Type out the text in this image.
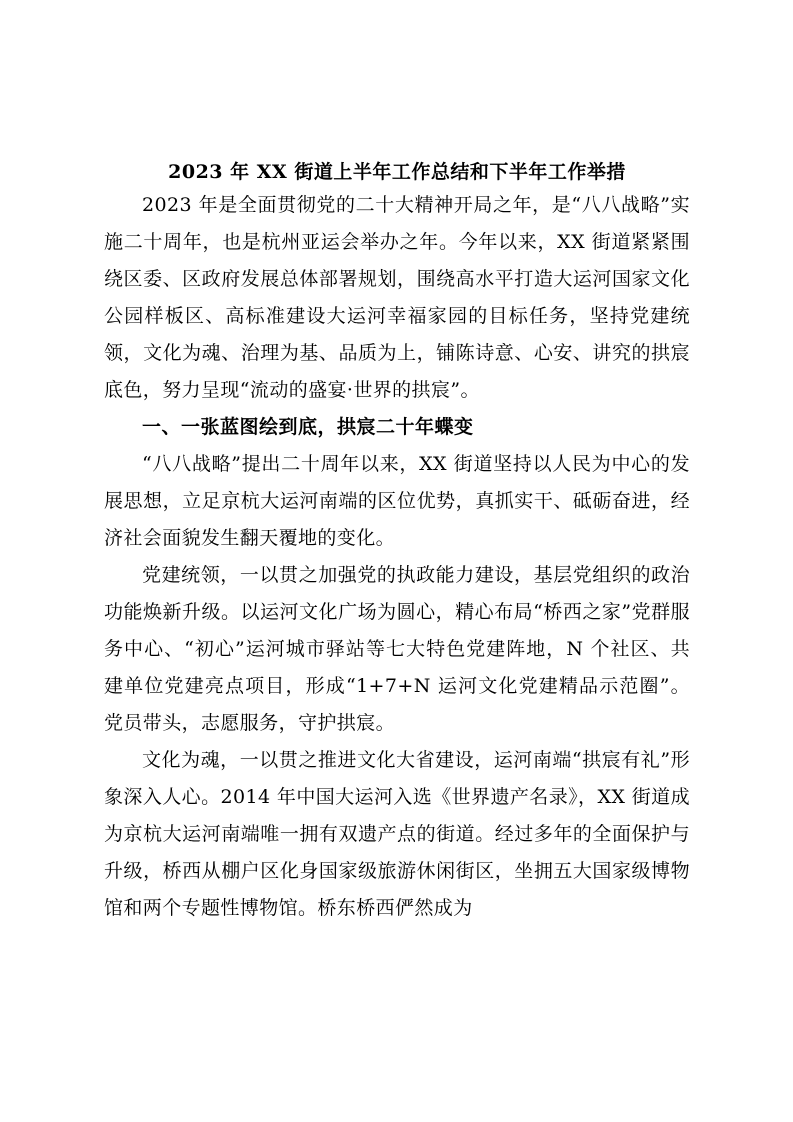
2023 年 XX 街道上半年工作总结和下半年工作举措

2023 年是全面贯彻党的二十大精神开局之年，是“八八战略”实施二十周年，也是杭州亚运会举办之年。今年以来，XX 街道紧紧围绕区委、区政府发展总体部署规划，围绕高水平打造大运河国家文化公园样板区、高标准建设大运河幸福家园的目标任务，坚持党建统领，文化为魂、治理为基、品质为上，铺陈诗意、心安、讲究的拱宸底色，努力呈现“流动的盛宴·世界的拱宸”。

一、一张蓝图绘到底，拱宸二十年蝶变

“八八战略”提出二十周年以来，XX 街道坚持以人民为中心的发展思想，立足京杭大运河南端的区位优势，真抓实干、砥砺奋进，经济社会面貌发生翻天覆地的变化。

党建统领，一以贯之加强党的执政能力建设，基层党组织的政治功能焕新升级。以运河文化广场为圆心，精心布局“桥西之家”党群服务中心、“初心”运河城市驿站等七大特色党建阵地，N 个社区、共建单位党建亮点项目，形成“1+7+N 运河文化党建精品示范圈”。党员带头，志愿服务，守护拱宸。

文化为魂，一以贯之推进文化大省建设，运河南端“拱宸有礼”形象深入人心。2014 年中国大运河入选《世界遗产名录》，XX 街道成为京杭大运河南端唯一拥有双遗产点的街道。经过多年的全面保护与升级，桥西从棚户区化身国家级旅游休闲街区，坐拥五大国家级博物馆和两个专题性博物馆。桥东桥西俨然成为
